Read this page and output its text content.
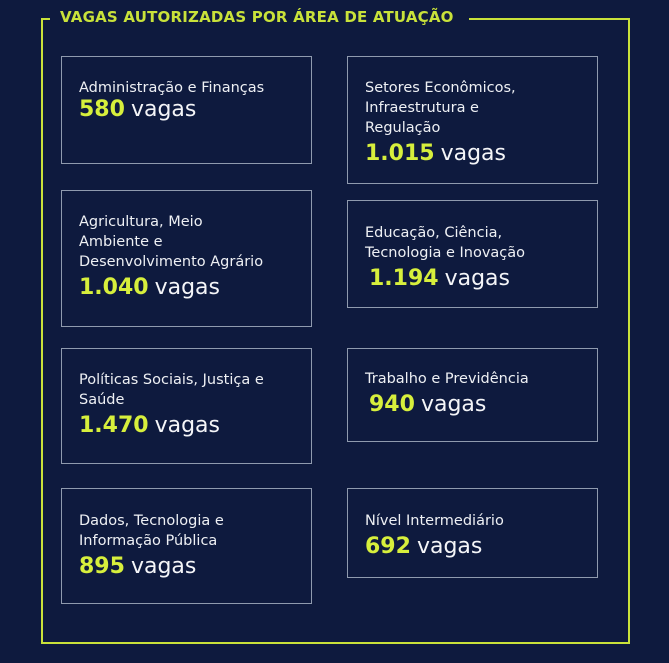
VAGAS AUTORIZADAS POR ÁREA DE ATUAÇÃO
Administração e Finanças
580 vagas
Setores Econômicos,
Infraestrutura e
Regulação
1.015 vagas
Agricultura, Meio
Ambiente e
Desenvolvimento Agrário
1.040 vagas
Educação, Ciência,
Tecnologia e Inovação
1.194 vagas
Políticas Sociais, Justiça e
Saúde
1.470 vagas
Trabalho e Previdência
940 vagas
Dados, Tecnologia e
Informação Pública
895 vagas
Nível Intermediário
692 vagas
